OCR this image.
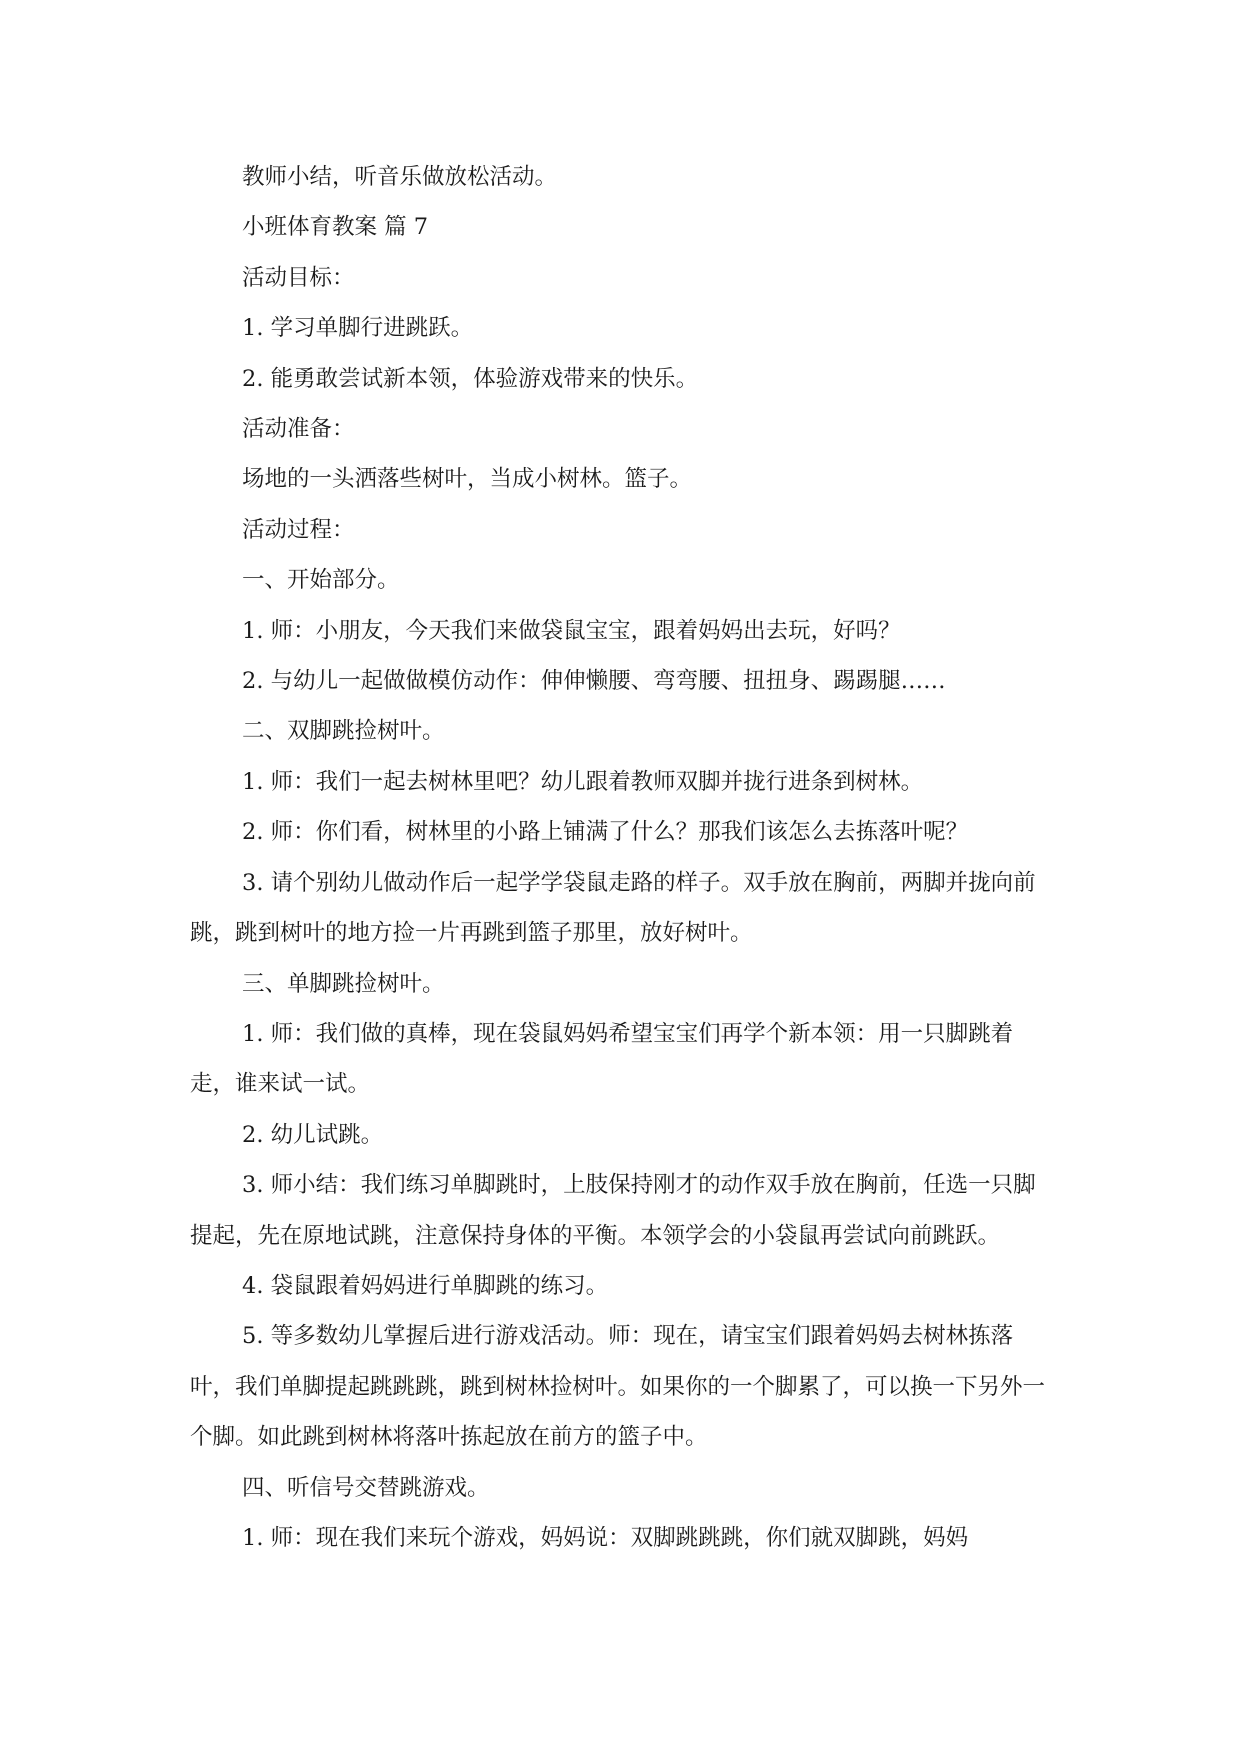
教师小结，听音乐做放松活动。

小班体育教案 篇 7

活动目标：

1. 学习单脚行进跳跃。

2. 能勇敢尝试新本领，体验游戏带来的快乐。

活动准备：

场地的一头洒落些树叶，当成小树林。篮子。

活动过程：

一、开始部分。

1. 师：小朋友，今天我们来做袋鼠宝宝，跟着妈妈出去玩，好吗？

2. 与幼儿一起做做模仿动作：伸伸懒腰、弯弯腰、扭扭身、踢踢腿……

二、双脚跳捡树叶。

1. 师：我们一起去树林里吧？幼儿跟着教师双脚并拢行进条到树林。

2. 师：你们看，树林里的小路上铺满了什么？那我们该怎么去拣落叶呢？

3. 请个别幼儿做动作后一起学学袋鼠走路的样子。双手放在胸前，两脚并拢向前跳，跳到树叶的地方捡一片再跳到篮子那里，放好树叶。

三、单脚跳捡树叶。

1. 师：我们做的真棒，现在袋鼠妈妈希望宝宝们再学个新本领：用一只脚跳着走，谁来试一试。

2. 幼儿试跳。

3. 师小结：我们练习单脚跳时，上肢保持刚才的动作双手放在胸前，任选一只脚提起，先在原地试跳，注意保持身体的平衡。本领学会的小袋鼠再尝试向前跳跃。

4. 袋鼠跟着妈妈进行单脚跳的练习。

5. 等多数幼儿掌握后进行游戏活动。师：现在，请宝宝们跟着妈妈去树林拣落叶，我们单脚提起跳跳跳，跳到树林捡树叶。如果你的一个脚累了，可以换一下另外一个脚。如此跳到树林将落叶拣起放在前方的篮子中。

四、听信号交替跳游戏。

1. 师：现在我们来玩个游戏，妈妈说：双脚跳跳跳，你们就双脚跳，妈妈
